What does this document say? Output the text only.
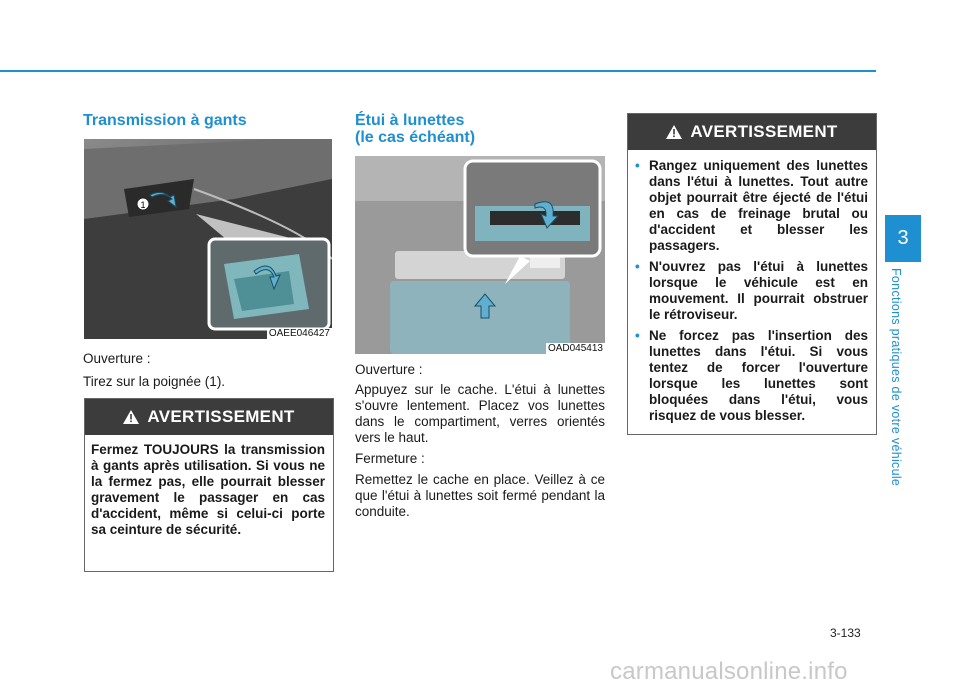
Transmission à gants
1
OAEE046427

Ouverture :

Tirez sur la poignée (1).

AVERTISSEMENT
Fermez TOUJOURS la transmission à gants après utilisation. Si vous ne la fermez pas, elle pourrait blesser gravement le passager en cas d'accident, même si celui-ci porte sa ceinture de sécurité.
Étui à lunettes
(le cas échéant)
OAD045413

Ouverture :

Appuyez sur le cache. L'étui à lunettes s'ouvre lentement. Placez vos lunettes dans le compartiment, verres orientés vers le haut.

Fermeture :

Remettez le cache en place. Veillez à ce que l'étui à lunettes soit fermé pendant la conduite.

AVERTISSEMENT
• Rangez uniquement des lunettes dans l'étui à lunettes. Tout autre objet pourrait être éjecté de l'étui en cas de freinage brutal ou d'accident et blesser les passagers.
• N'ouvrez pas l'étui à lunettes lorsque le véhicule est en mouvement. Il pourrait obstruer le rétroviseur.
• Ne forcez pas l'insertion des lunettes dans l'étui. Si vous tentez de forcer l'ouverture lorsque les lunettes sont bloquées dans l'étui, vous risquez de vous blesser.
3
Fonctions pratiques de votre véhicule
3-133
carmanualsonline.info
